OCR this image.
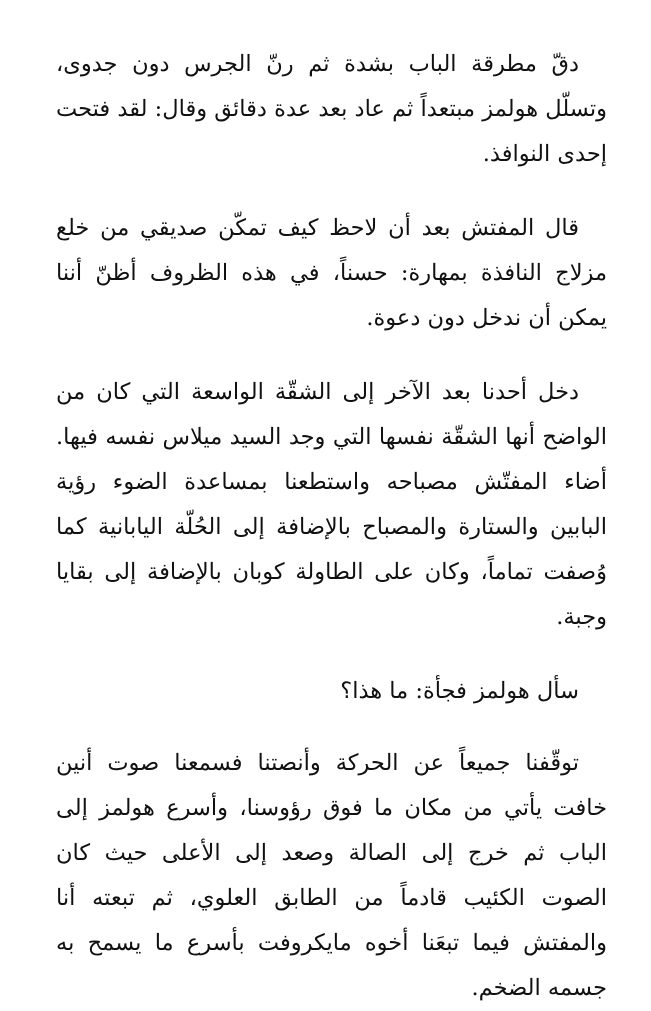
دقّ مطرقة الباب بشدة ثم رنّ الجرس دون جدوى، وتسلّل هولمز مبتعداً ثم عاد بعد عدة دقائق وقال: لقد فتحت إحدى النوافذ.

قال المفتش بعد أن لاحظ كيف تمكّن صديقي من خلع مزلاج النافذة بمهارة: حسناً، في هذه الظروف أظنّ أننا يمكن أن ندخل دون دعوة.

دخل أحدنا بعد الآخر إلى الشقّة الواسعة التي كان من الواضح أنها الشقّة نفسها التي وجد السيد ميلاس نفسه فيها. أضاء المفتّش مصباحه واستطعنا بمساعدة الضوء رؤية البابين والستارة والمصباح بالإضافة إلى الحُلّة اليابانية كما وُصفت تماماً، وكان على الطاولة كوبان بالإضافة إلى بقايا وجبة.

سأل هولمز فجأة: ما هذا؟

توقّفنا جميعاً عن الحركة وأنصتنا فسمعنا صوت أنين خافت يأتي من مكان ما فوق رؤوسنا، وأسرع هولمز إلى الباب ثم خرج إلى الصالة وصعد إلى الأعلى حيث كان الصوت الكئيب قادماً من الطابق العلوي، ثم تبعته أنا والمفتش فيما تبعَنا أخوه مايكروفت بأسرع ما يسمح به جسمه الضخم.
